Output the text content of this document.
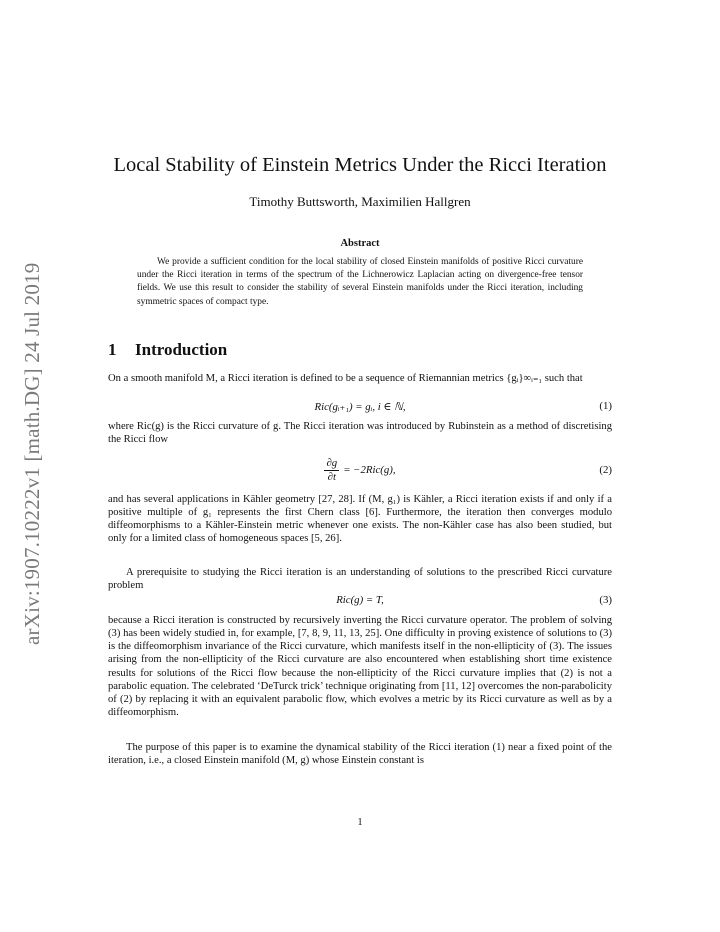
arXiv:1907.10222v1 [math.DG] 24 Jul 2019
Local Stability of Einstein Metrics Under the Ricci Iteration
Timothy Buttsworth, Maximilien Hallgren
Abstract

We provide a sufficient condition for the local stability of closed Einstein manifolds of positive Ricci curvature under the Ricci iteration in terms of the spectrum of the Lichnerowicz Laplacian acting on divergence-free tensor fields. We use this result to consider the stability of several Einstein manifolds under the Ricci iteration, including symmetric spaces of compact type.

1 Introduction

On a smooth manifold M, a Ricci iteration is defined to be a sequence of Riemannian metrics {gᵢ}∞ᵢ₌₁ such that

Ric(gᵢ₊₁) = gᵢ, i ∈ ℕ,	(1)

where Ric(g) is the Ricci curvature of g. The Ricci iteration was introduced by Rubinstein as a method of discretising the Ricci flow

$\frac{\partial g}{\partial t} = -2Ric(g)$,	(2)

and has several applications in Kähler geometry [27, 28]. If (M, g₁) is Kähler, a Ricci iteration exists if and only if a positive multiple of g₁ represents the first Chern class [6]. Furthermore, the iteration then converges modulo diffeomorphisms to a Kähler-Einstein metric whenever one exists. The non-Kähler case has also been studied, but only for a limited class of homogeneous spaces [5, 26].

A prerequisite to studying the Ricci iteration is an understanding of solutions to the prescribed Ricci curvature problem

Ric(g) = T,	(3)

because a Ricci iteration is constructed by recursively inverting the Ricci curvature operator. The problem of solving (3) has been widely studied in, for example, [7, 8, 9, 11, 13, 25]. One difficulty in proving existence of solutions to (3) is the diffeomorphism invariance of the Ricci curvature, which manifests itself in the non-ellipticity of (3). The issues arising from the non-ellipticity of the Ricci curvature are also encountered when establishing short time existence results for solutions of the Ricci flow because the non-ellipticity of the Ricci curvature implies that (2) is not a parabolic equation. The celebrated ‘DeTurck trick’ technique originating from [11, 12] overcomes the non-parabolicity of (2) by replacing it with an equivalent parabolic flow, which evolves a metric by its Ricci curvature as well as by a diffeomorphism.

The purpose of this paper is to examine the dynamical stability of the Ricci iteration (1) near a fixed point of the iteration, i.e., a closed Einstein manifold (M, g) whose Einstein constant is

1
